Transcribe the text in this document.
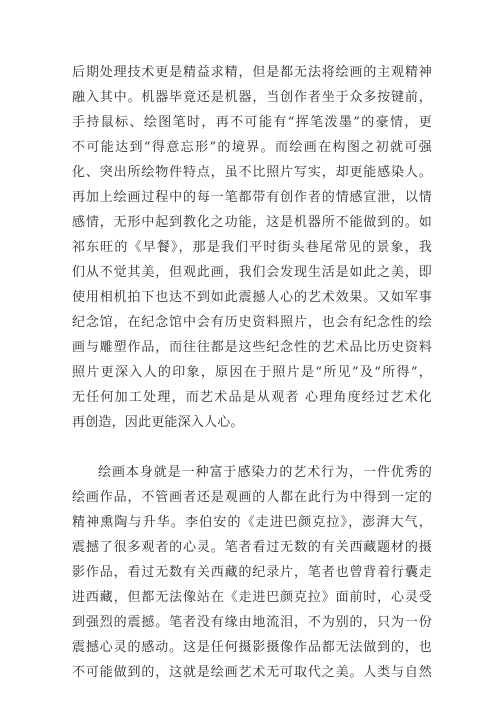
后期处理技术更是精益求精，但是都无法将绘画的主观精神
融入其中。机器毕竟还是机器，当创作者坐于众多按键前，
手持鼠标、绘图笔时，再不可能有“挥笔泼墨”的豪情，更
不可能达到“得意忘形”的境界。而绘画在构图之初就可强
化、突出所绘物件特点，虽不比照片写实，却更能感染人。
再加上绘画过程中的每一笔都带有创作者的情感宣泄，以情
感情，无形中起到教化之功能，这是机器所不能做到的。如
祁东旺的《早餐》，那是我们平时街头巷尾常见的景象，我
们从不觉其美，但观此画，我们会发现生活是如此之美，即
使用相机拍下也达不到如此震撼人心的艺术效果。又如军事
纪念馆，在纪念馆中会有历史资料照片，也会有纪念性的绘
画与雕塑作品，而往往都是这些纪念性的艺术品比历史资料
照片更深入人的印象，原因在于照片是“所见”及“所得”，
无任何加工处理，而艺术品是从观者 心理角度经过艺术化
再创造，因此更能深入人心。
绘画本身就是一种富于感染力的艺术行为，一件优秀的
绘画作品，不管画者还是观画的人都在此行为中得到一定的
精神熏陶与升华。李伯安的《走进巴颜克拉》，澎湃大气，
震撼了很多观者的心灵。笔者看过无数的有关西藏题材的摄
影作品，看过无数有关西藏的纪录片，笔者也曾背着行囊走
进西藏，但都无法像站在《走进巴颜克拉》面前时，心灵受
到强烈的震撼。笔者没有缘由地流泪，不为别的，只为一份
震撼心灵的感动。这是任何摄影摄像作品都无法做到的，也
不可能做到的，这就是绘画艺术无可取代之美。人类与自然
